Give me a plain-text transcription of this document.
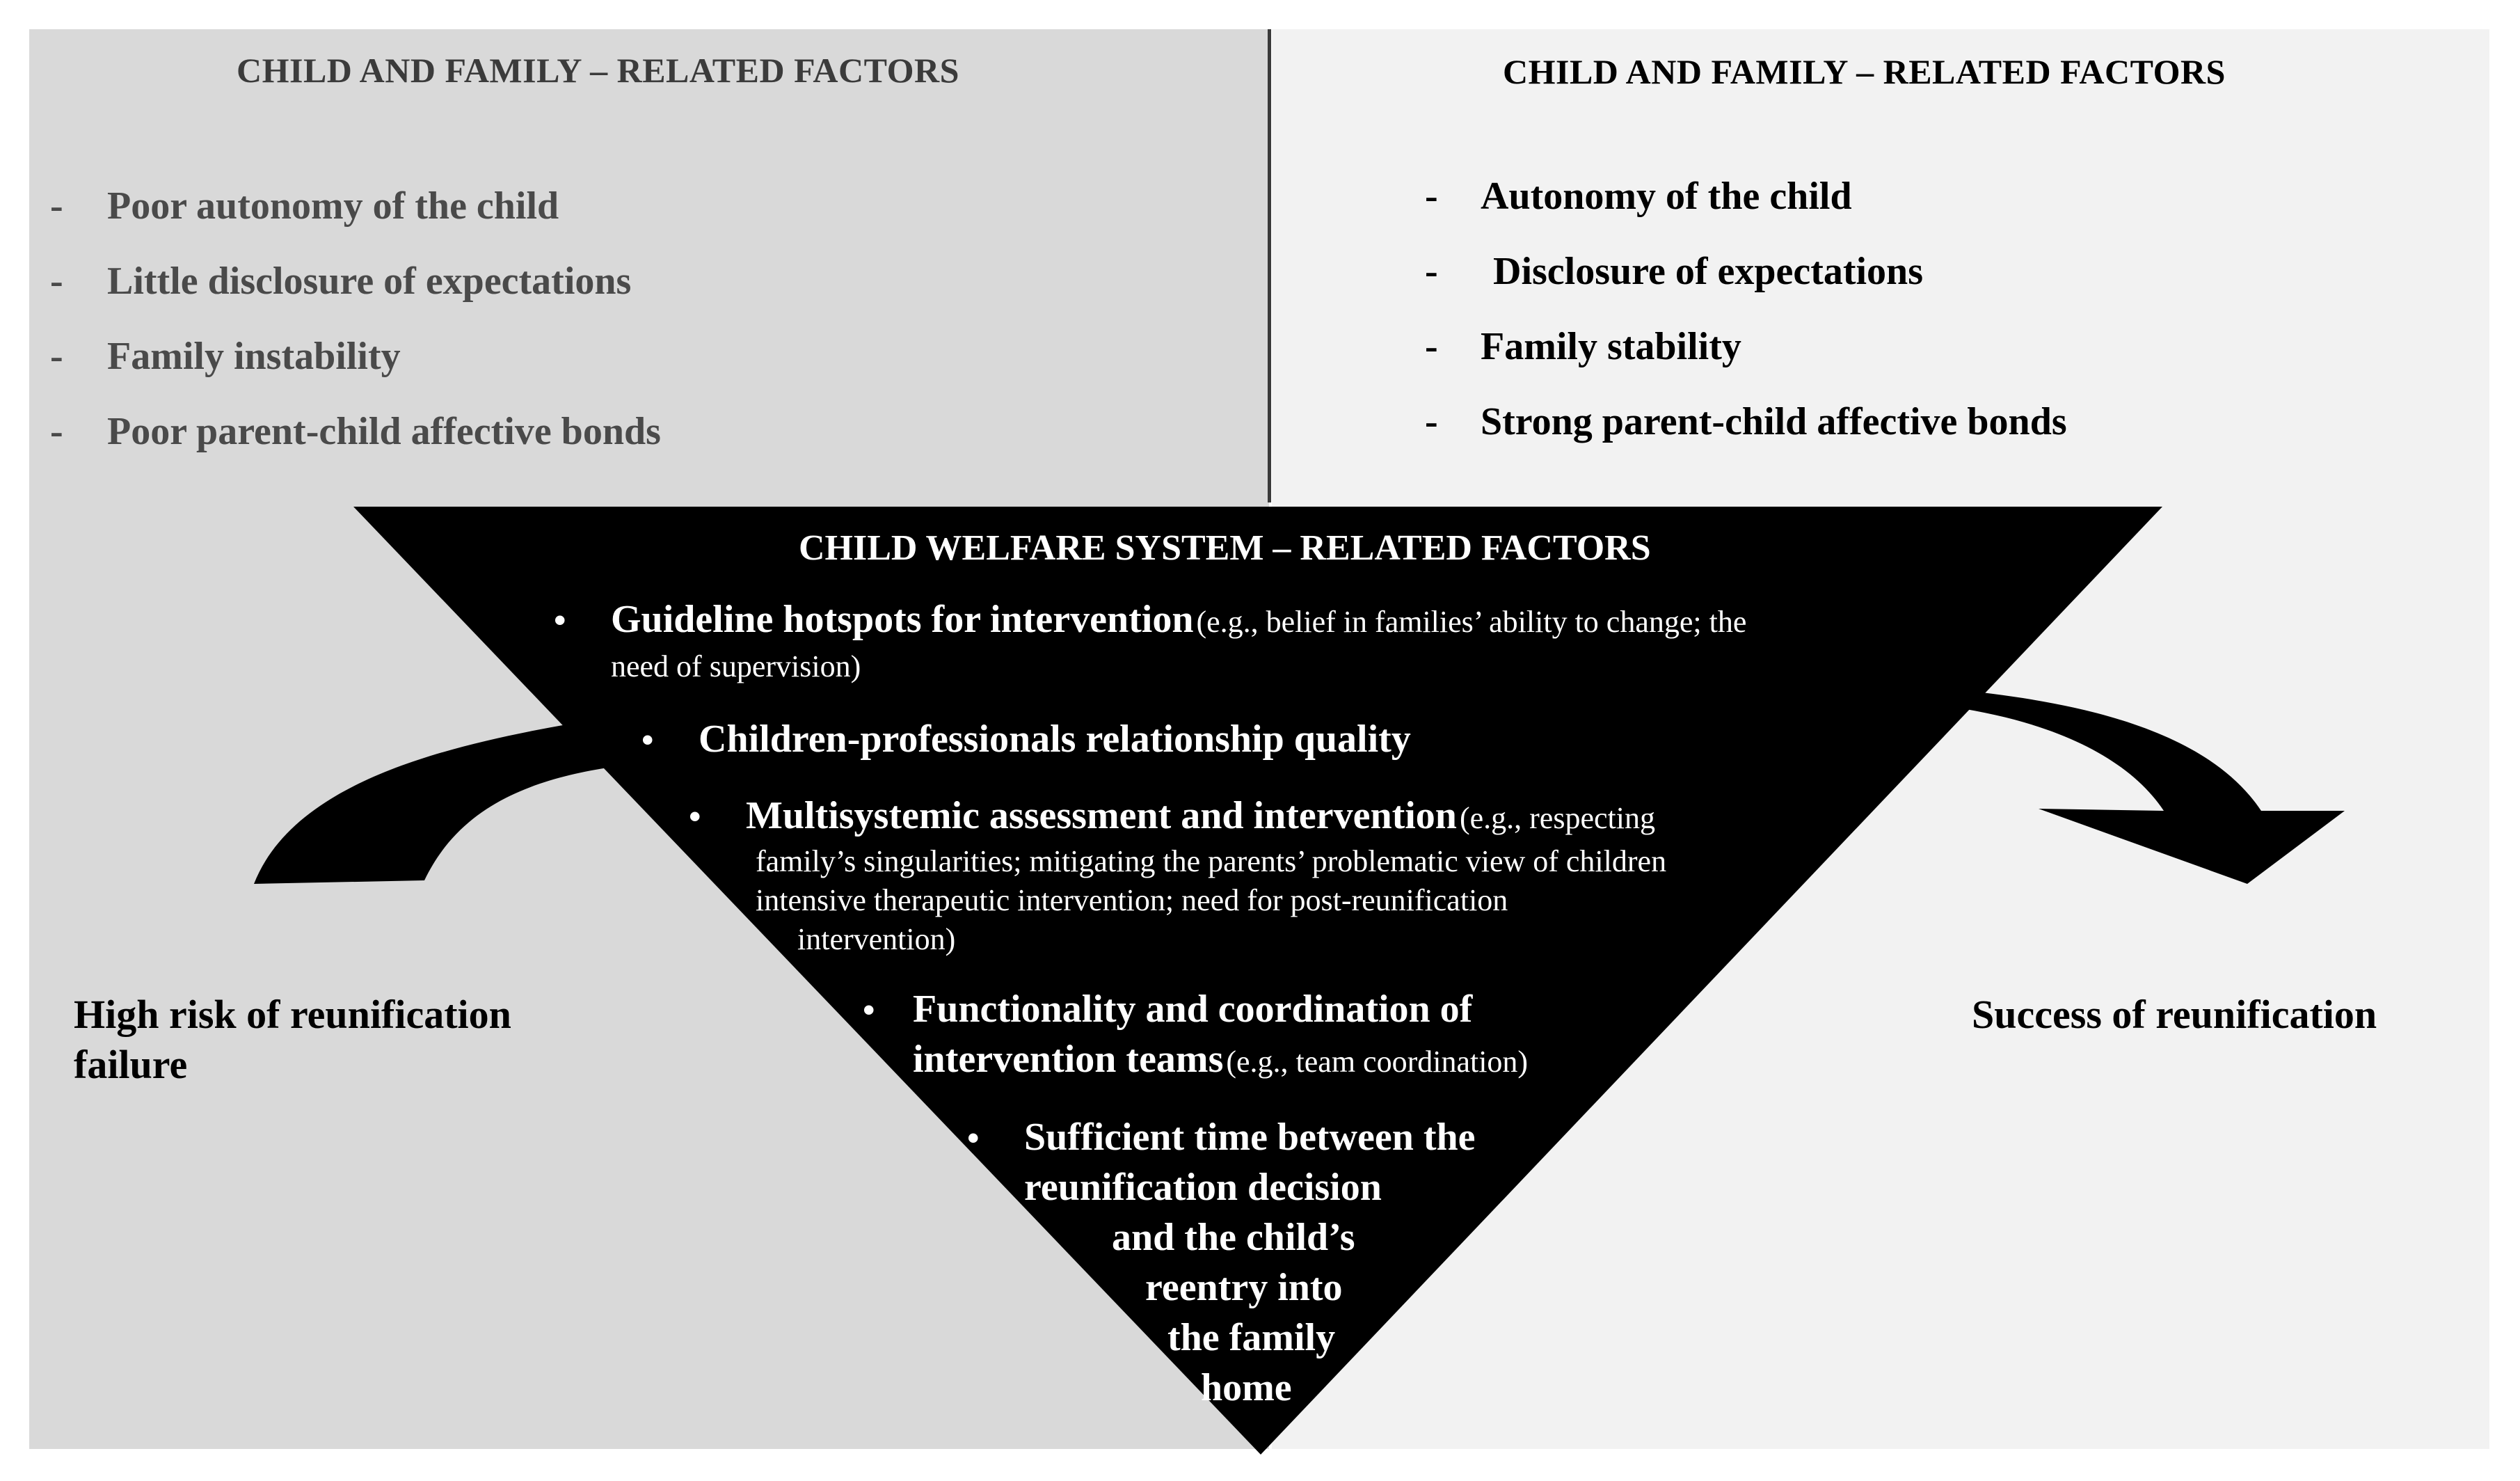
CHILD AND FAMILY – RELATED FACTORS	CHILD AND FAMILY – RELATED FACTORS
- Poor autonomy of the child
- Little disclosure of expectations
- Family instability
- Poor parent-child affective bonds
- Autonomy of the child
- Disclosure of expectations
- Family stability
- Strong parent-child affective bonds
CHILD WELFARE SYSTEM – RELATED FACTORS
• Guideline hotspots for intervention (e.g., belief in families’ ability to change; the
need of supervision)
• Children-professionals relationship quality
• Multisystemic assessment and intervention (e.g., respecting
family’s singularities; mitigating the parents’ problematic view of children
intensive therapeutic intervention; need for post-reunification
intervention)
• Functionality and coordination of
intervention teams (e.g., team coordination)
• Sufficient time between the
reunification decision
and the child’s
reentry into
the family
home
High risk of reunification
failure
Success of reunification
